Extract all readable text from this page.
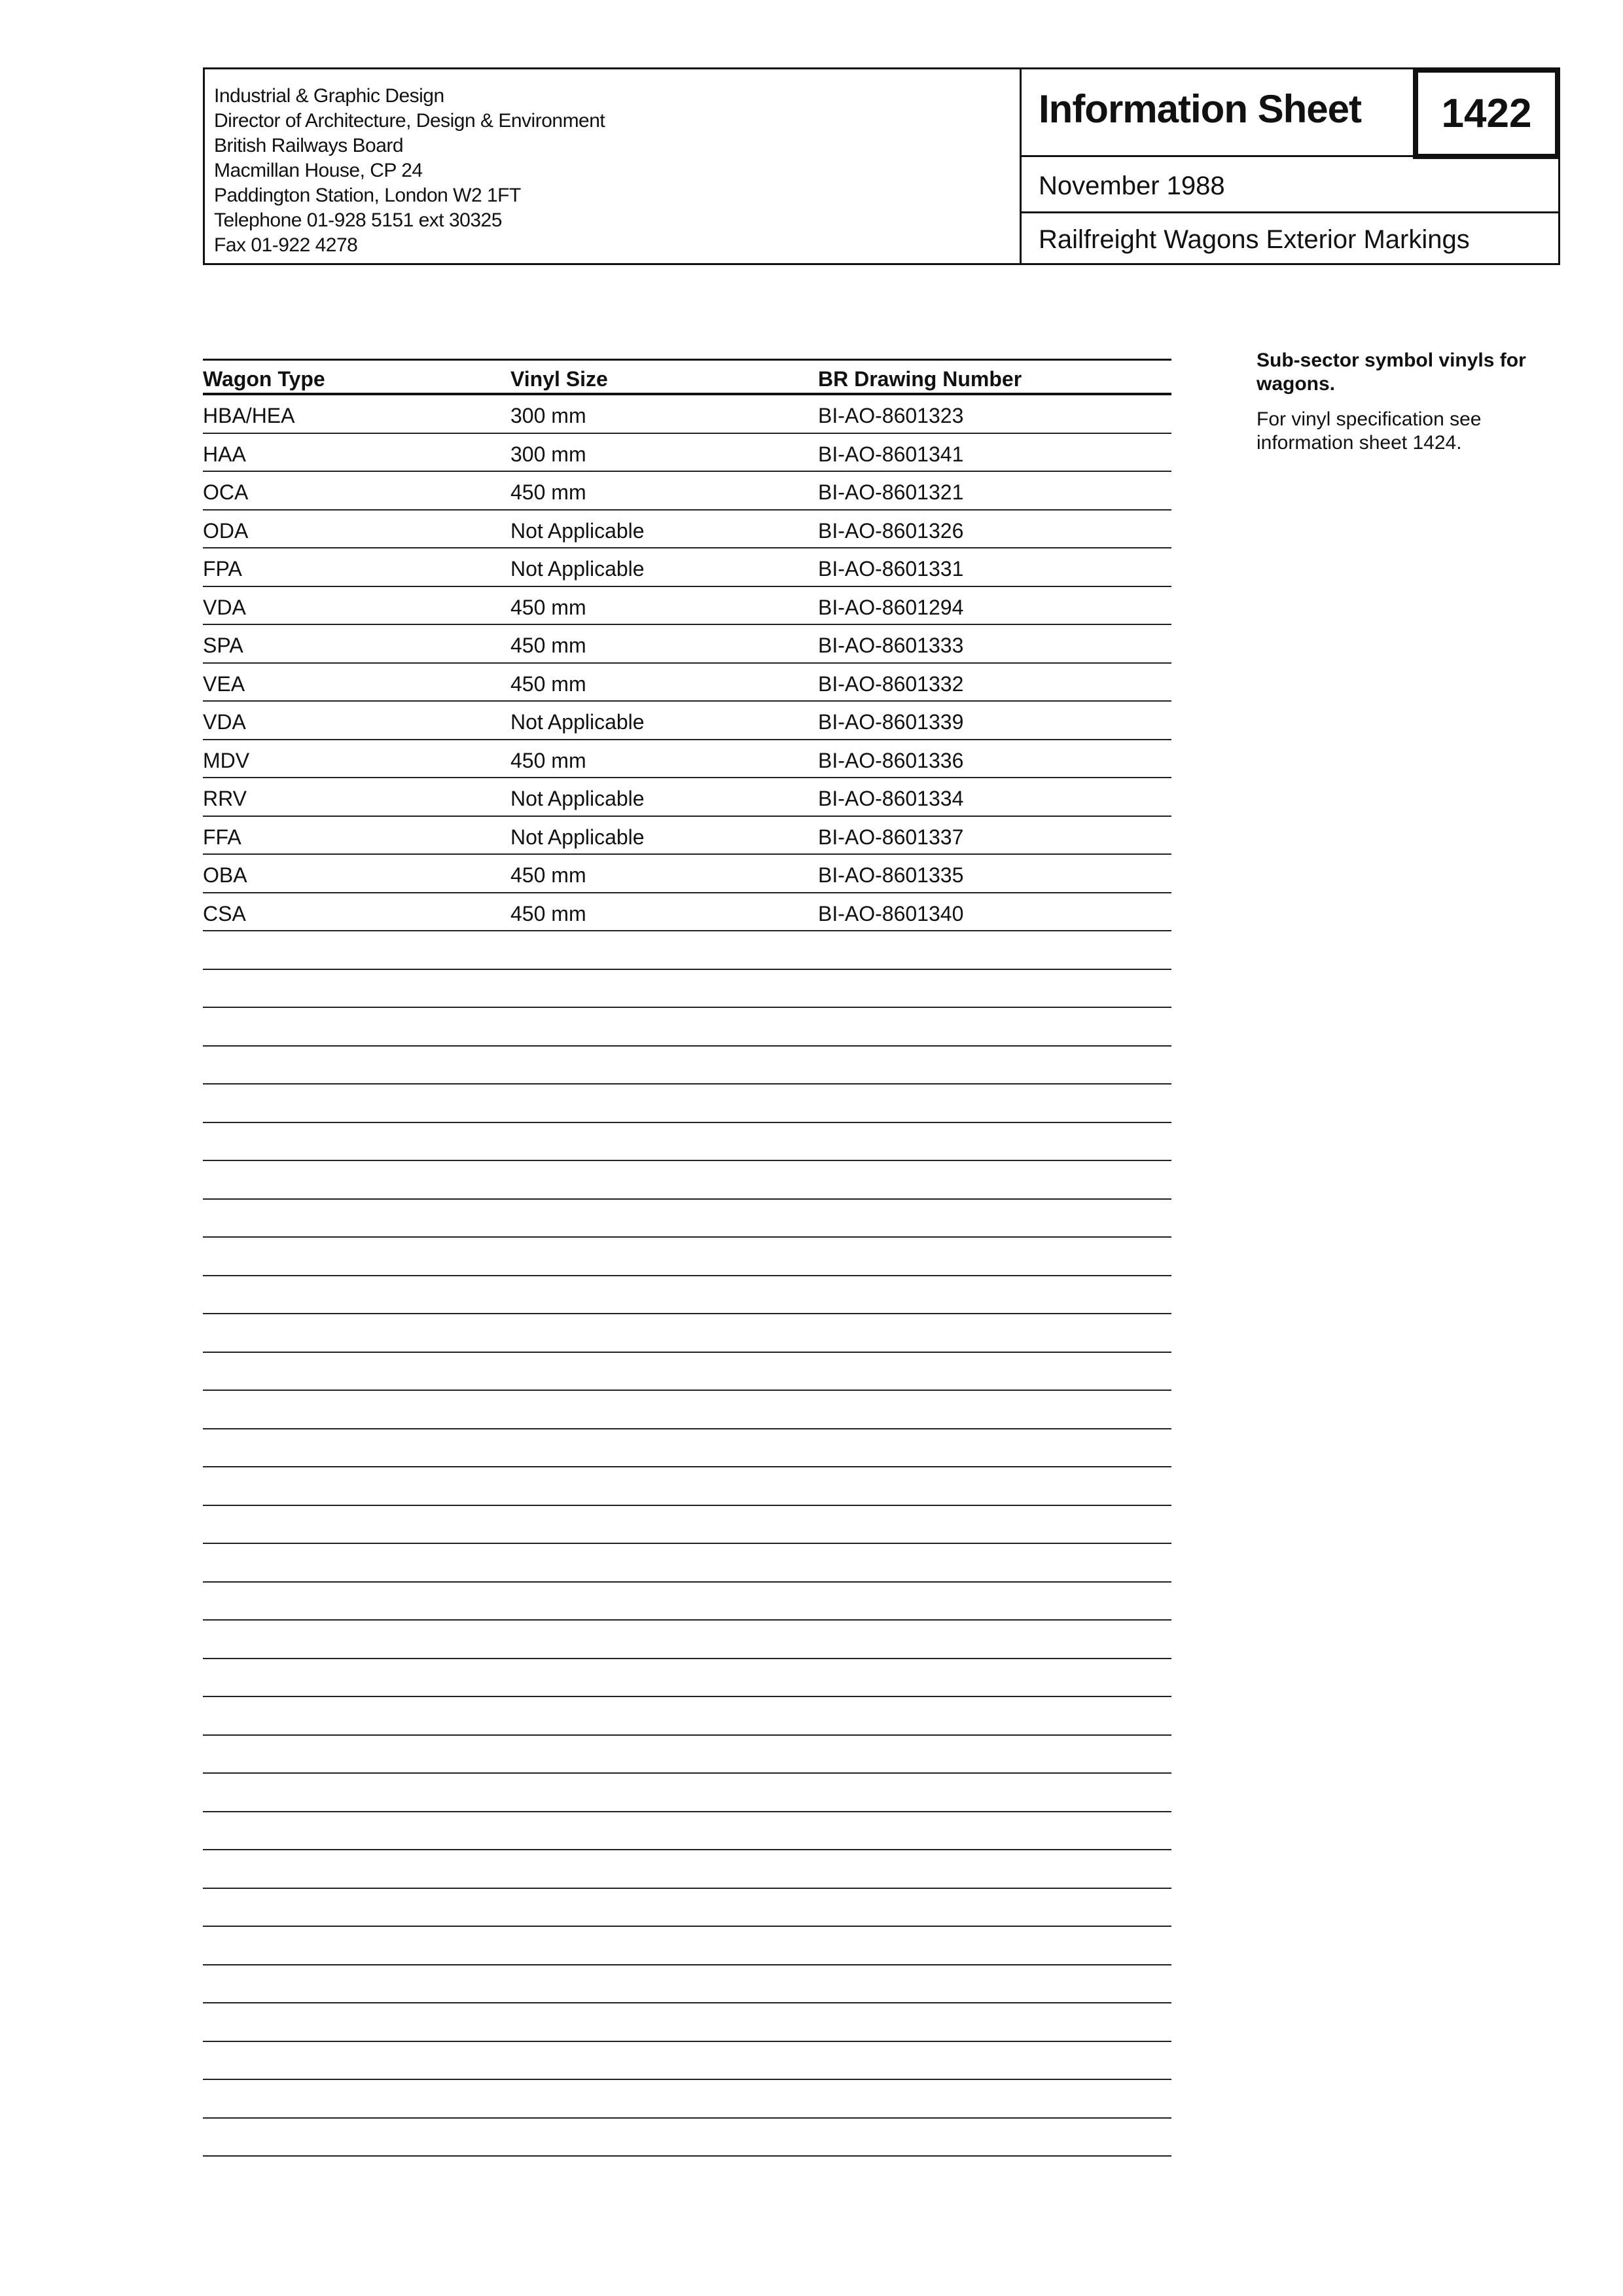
Industrial & Graphic Design
Director of Architecture, Design & Environment
British Railways Board
Macmillan House, CP 24
Paddington Station, London W2 1FT
Telephone 01-928 5151 ext 30325
Fax 01-922 4278
Information Sheet	1422
November 1988
Railfreight Wagons Exterior Markings
Wagon Type	Vinyl Size	BR Drawing Number
HBA/HEA	300 mm	BI-AO-8601323
HAA	300 mm	BI-AO-8601341
OCA	450 mm	BI-AO-8601321
ODA	Not Applicable	BI-AO-8601326
FPA	Not Applicable	BI-AO-8601331
VDA	450 mm	BI-AO-8601294
SPA	450 mm	BI-AO-8601333
VEA	450 mm	BI-AO-8601332
VDA	Not Applicable	BI-AO-8601339
MDV	450 mm	BI-AO-8601336
RRV	Not Applicable	BI-AO-8601334
FFA	Not Applicable	BI-AO-8601337
OBA	450 mm	BI-AO-8601335
CSA	450 mm	BI-AO-8601340
Sub-sector symbol vinyls for wagons.
For vinyl specification see information sheet 1424.
